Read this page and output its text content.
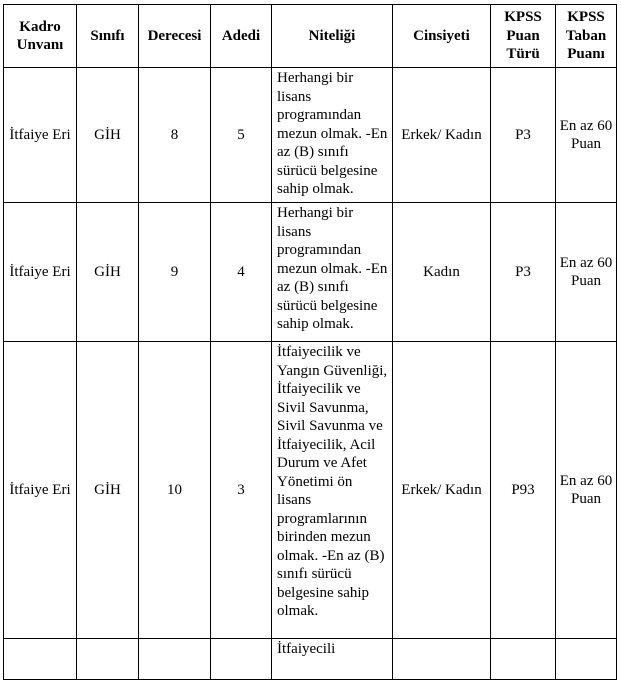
Kadro Unvanı	Sınıfı	Derecesi	Adedi	Niteliği	Cinsiyeti	KPSS Puan Türü	KPSS Taban Puanı
İtfaiye Eri	GİH	8	5	Herhangi bir lisans programından mezun olmak. -En az (B) sınıfı sürücü belgesine sahip olmak.	Erkek/ Kadın	P3	En az 60 Puan
İtfaiye Eri	GİH	9	4	Herhangi bir lisans programından mezun olmak. -En az (B) sınıfı sürücü belgesine sahip olmak.	Kadın	P3	En az 60 Puan
İtfaiye Eri	GİH	10	3	İtfaiyecilik ve Yangın Güvenliği, İtfaiyecilik ve Sivil Savunma, Sivil Savunma ve İtfaiyecilik, Acil Durum ve Afet Yönetimi ön lisans programlarının birinden mezun olmak. -En az (B) sınıfı sürücü belgesine sahip olmak.	Erkek/ Kadın	P93	En az 60 Puan

				İtfaiyecili			
